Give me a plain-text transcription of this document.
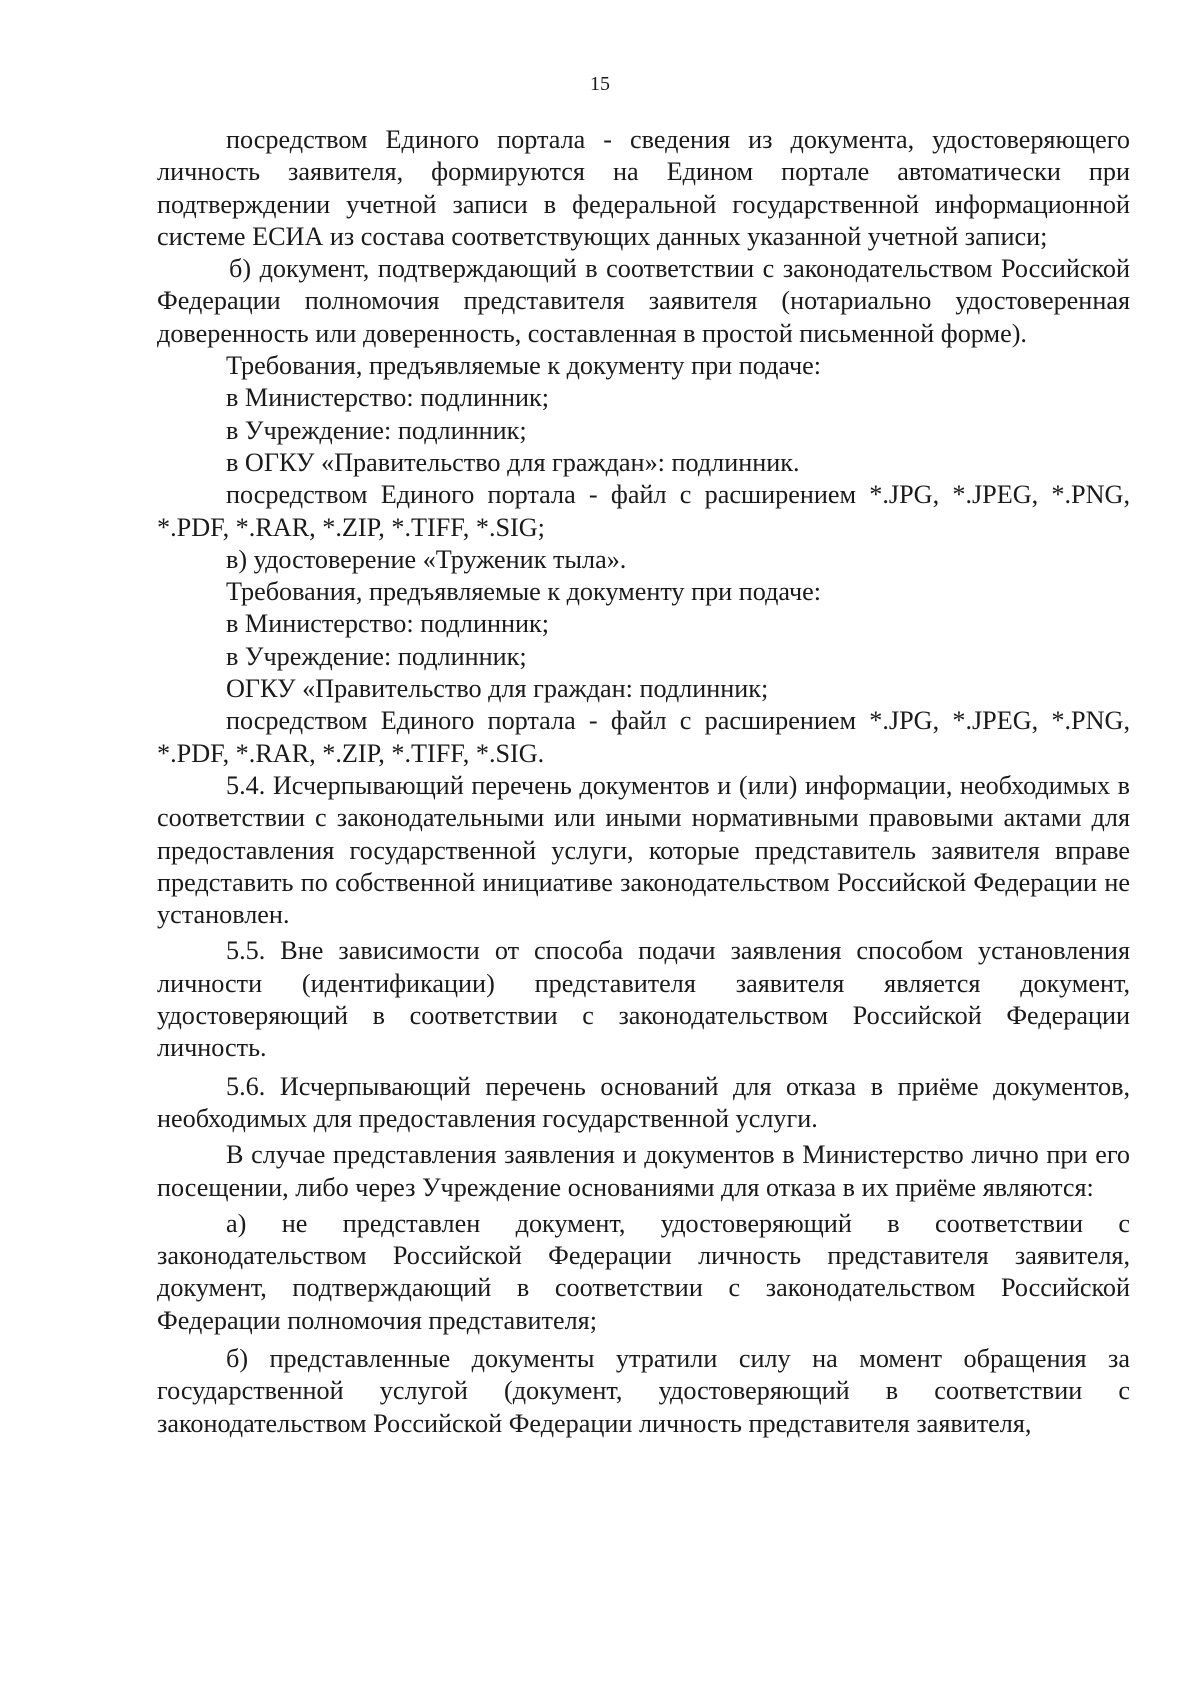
15

посредством Единого портала - сведения из документа, удостоверяющего личность заявителя, формируются на Едином портале автоматически при подтверждении учетной записи в федеральной государственной информационной системе ЕСИА из состава соответствующих данных указанной учетной записи;

б) документ, подтверждающий в соответствии с законодательством Российской Федерации полномочия представителя заявителя (нотариально удостоверенная доверенность или доверенность, составленная в простой письменной форме).

Требования, предъявляемые к документу при подаче:

в Министерство: подлинник;

в Учреждение: подлинник;

в ОГКУ «Правительство для граждан»: подлинник.

посредством Единого портала - файл с расширением *.JPG, *.JPEG, *.PNG, *.PDF, *.RAR, *.ZIP, *.TIFF, *.SIG;

в) удостоверение «Труженик тыла».

Требования, предъявляемые к документу при подаче:

в Министерство: подлинник;

в Учреждение: подлинник;

ОГКУ «Правительство для граждан: подлинник;

посредством Единого портала - файл с расширением *.JPG, *.JPEG, *.PNG, *.PDF, *.RAR, *.ZIP, *.TIFF, *.SIG.

5.4. Исчерпывающий перечень документов и (или) информации, необходимых в соответствии с законодательными или иными нормативными правовыми актами для предоставления государственной услуги, которые представитель заявителя вправе представить по собственной инициативе законодательством Российской Федерации не установлен.

5.5. Вне зависимости от способа подачи заявления способом установления личности (идентификации) представителя заявителя является документ, удостоверяющий в соответствии с законодательством Российской Федерации личность.

5.6. Исчерпывающий перечень оснований для отказа в приёме документов, необходимых для предоставления государственной услуги.

В случае представления заявления и документов в Министерство лично при его посещении, либо через Учреждение основаниями для отказа в их приёме являются:

а) не представлен документ, удостоверяющий в соответствии с законодательством Российской Федерации личность представителя заявителя, документ, подтверждающий в соответствии с законодательством Российской Федерации полномочия представителя;

б) представленные документы утратили силу на момент обращения за государственной услугой (документ, удостоверяющий в соответствии с законодательством Российской Федерации личность представителя заявителя,
